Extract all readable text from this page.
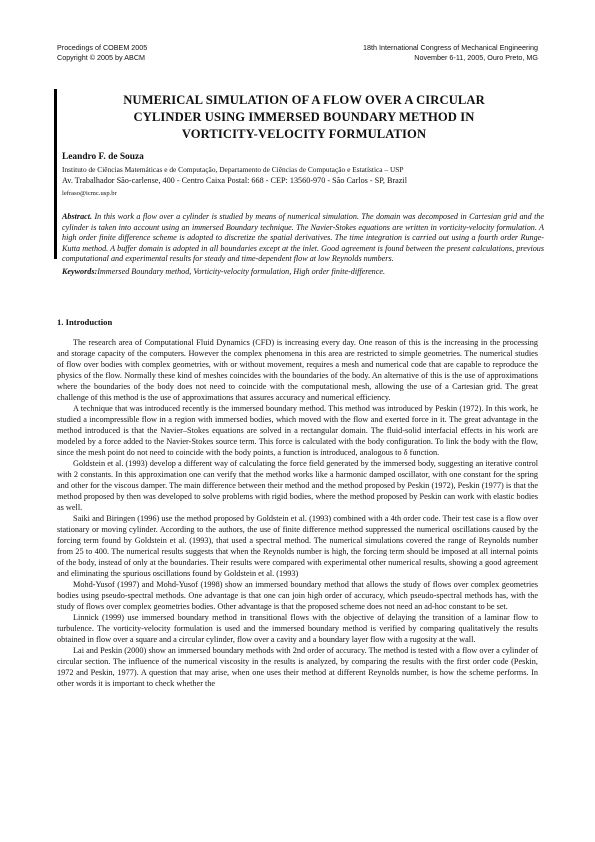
Procedings of COBEM 2005
Copyright © 2005 by ABCM
18th International Congress of Mechanical Engineering
November 6-11, 2005, Ouro Preto, MG
NUMERICAL SIMULATION OF A FLOW OVER A CIRCULAR
CYLINDER USING IMMERSED BOUNDARY METHOD IN
VORTICITY-VELOCITY FORMULATION
Leandro F. de Souza
Instituto de Ciências Matemáticas e de Computação, Departamento de Ciências de Computação e Estatística – USP
Av. Trabalhador São-carlense, 400 - Centro Caixa Postal: 668 - CEP: 13560-970 - São Carlos - SP, Brazil
lefraso@icmc.usp.br
Abstract. In this work a flow over a cylinder is studied by means of numerical simulation. The domain was decomposed in Cartesian grid and the cylinder is taken into account using an immersed Boundary technique. The Navier-Stokes equations are written in vorticity-velocity formulation. A high order finite difference scheme is adopted to discretize the spatial derivatives. The time integration is carried out using a fourth order Runge-Kutta method. A buffer domain is adopted in all boundaries except at the inlet. Good agreement is found between the present calculations, previous computational and experimental results for steady and time-dependent flow at low Reynolds numbers.
Keywords:Immersed Boundary method, Vorticity-velocity formulation, High order finite-difference.
1. Introduction

The research area of Computational Fluid Dynamics (CFD) is increasing every day. One reason of this is the increasing in the processing and storage capacity of the computers. However the complex phenomena in this area are restricted to simple geometries. The numerical studies of flow over bodies with complex geometries, with or without movement, requires a mesh and numerical code that are capable to reproduce the physics of the flow. Normally these kind of meshes coincides with the boundaries of the body. An alternative of this is the use of approximations where the boundaries of the body does not need to coincide with the computational mesh, allowing the use of a Cartesian grid. The great challenge of this method is the use of approximations that assures accuracy and numerical efficiency.

A technique that was introduced recently is the immersed boundary method. This method was introduced by Peskin (1972). In this work, he studied a incompressible flow in a region with immersed bodies, which moved with the flow and exerted force in it. The great advantage in the method introduced is that the Navier–Stokes equations are solved in a rectangular domain. The fluid-solid interfacial effects in his work are modeled by a force added to the Navier-Stokes source term. This force is calculated with the body configuration. To link the body with the flow, since the mesh point do not need to coincide with the body points, a function is introduced, analogous to δ function.

Goldstein et al. (1993) develop a different way of calculating the force field generated by the immersed body, suggesting an iterative control with 2 constants. In this approximation one can verify that the method works like a harmonic damped oscillator, with one constant for the spring and other for the viscous damper. The main difference between their method and the method proposed by Peskin (1972), Peskin (1977) is that the method proposed by then was developed to solve problems with rigid bodies, where the method proposed by Peskin can work with elastic bodies as well.

Saiki and Biringen (1996) use the method proposed by Goldstein et al. (1993) combined with a 4th order code. Their test case is a flow over stationary or moving cylinder. According to the authors, the use of finite difference method suppressed the numerical oscillations caused by the forcing term found by Goldstein et al. (1993), that used a spectral method. The numerical simulations covered the range of Reynolds number from 25 to 400. The numerical results suggests that when the Reynolds number is high, the forcing term should be imposed at all internal points of the body, instead of only at the boundaries. Their results were compared with experimental other numerical results, showing a good agreement and eliminating the spurious oscillations found by Goldstein et al. (1993)

Mohd-Yusof (1997) and Mohd-Yusof (1998) show an immersed boundary method that allows the study of flows over complex geometries bodies using pseudo-spectral methods. One advantage is that one can join high order of accuracy, which pseudo-spectral methods has, with the study of flows over complex geometries bodies. Other advantage is that the proposed scheme does not need an ad-hoc constant to be set.

Linnick (1999) use immersed boundary method in transitional flows with the objective of delaying the transition of a laminar flow to turbulence. The vorticity-velocity formulation is used and the immersed boundary method is verified by comparing qualitatively the results obtained in flow over a square and a circular cylinder, flow over a cavity and a boundary layer flow with a rugosity at the wall.

Lai and Peskin (2000) show an immersed boundary methods with 2nd order of accuracy. The method is tested with a flow over a cylinder of circular section. The influence of the numerical viscosity in the results is analyzed, by comparing the results with the first order code (Peskin, 1972 and Peskin, 1977). A question that may arise, when one uses their method at different Reynolds number, is how the scheme performs. In other words it is important to check whether the
